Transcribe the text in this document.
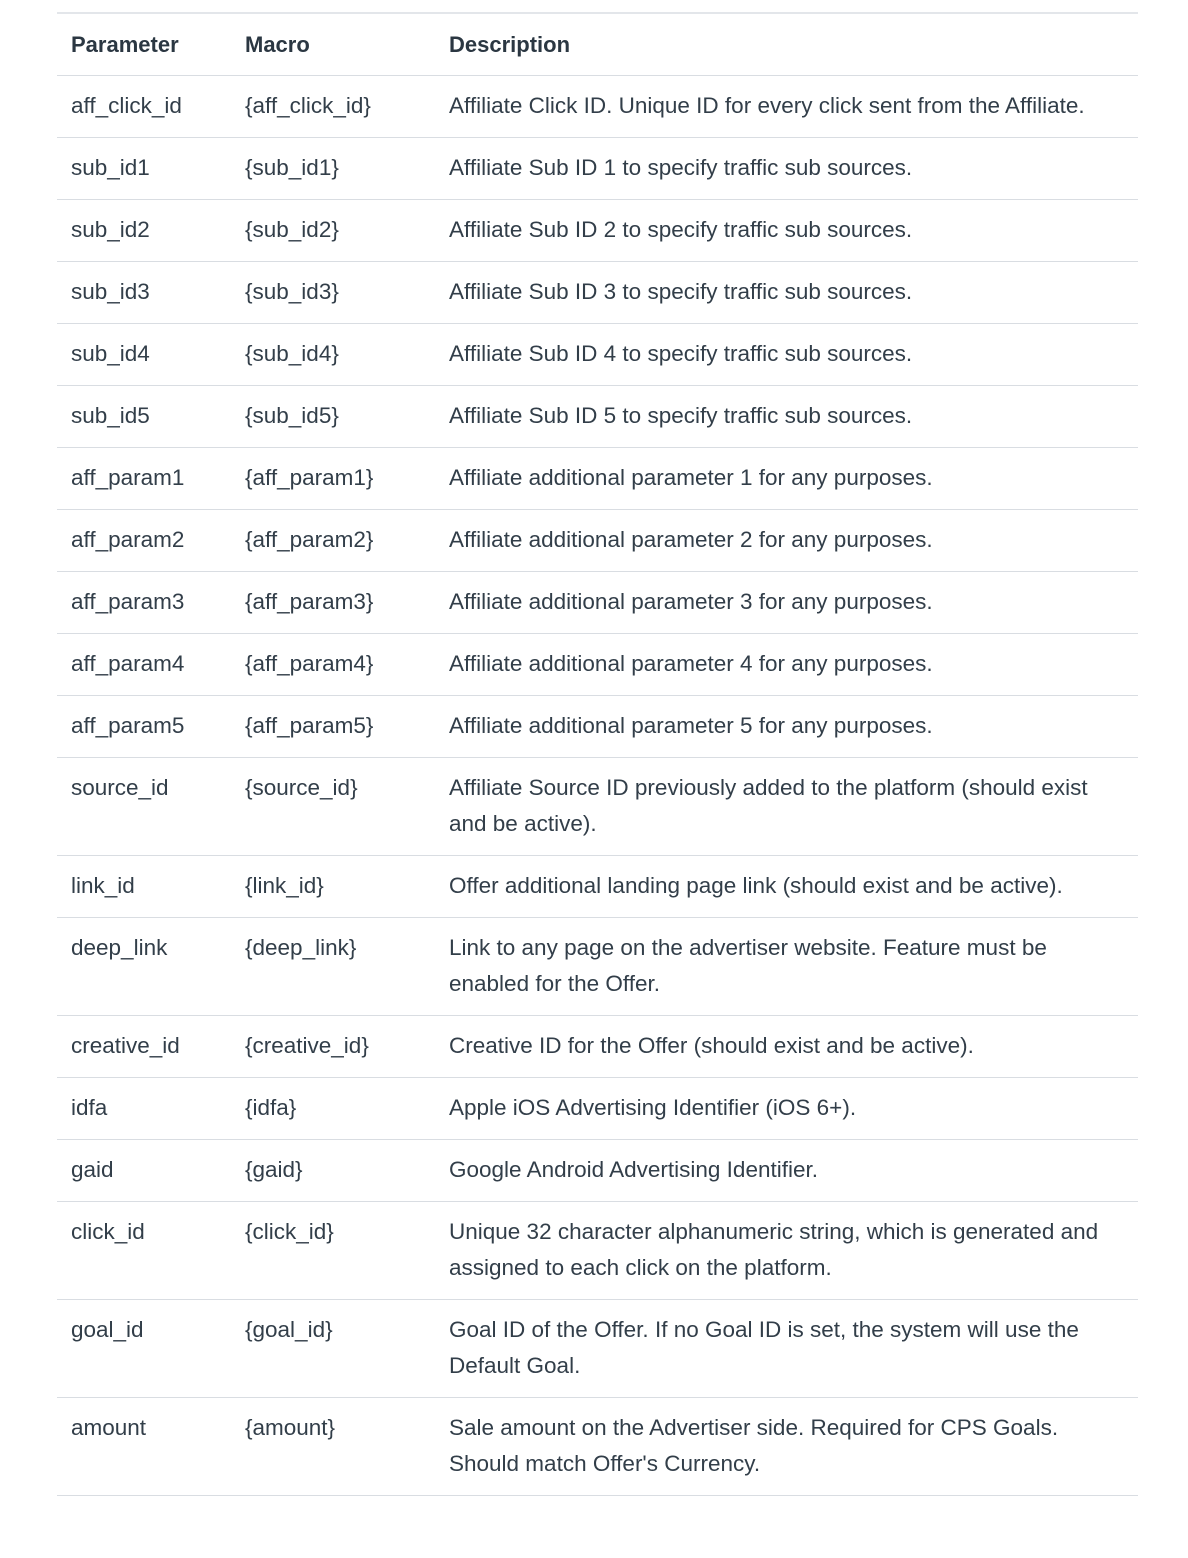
Parameter	Macro	Description
aff_click_id	{aff_click_id}	Affiliate Click ID. Unique ID for every click sent from the Affiliate.
sub_id1	{sub_id1}	Affiliate Sub ID 1 to specify traffic sub sources.
sub_id2	{sub_id2}	Affiliate Sub ID 2 to specify traffic sub sources.
sub_id3	{sub_id3}	Affiliate Sub ID 3 to specify traffic sub sources.
sub_id4	{sub_id4}	Affiliate Sub ID 4 to specify traffic sub sources.
sub_id5	{sub_id5}	Affiliate Sub ID 5 to specify traffic sub sources.
aff_param1	{aff_param1}	Affiliate additional parameter 1 for any purposes.
aff_param2	{aff_param2}	Affiliate additional parameter 2 for any purposes.
aff_param3	{aff_param3}	Affiliate additional parameter 3 for any purposes.
aff_param4	{aff_param4}	Affiliate additional parameter 4 for any purposes.
aff_param5	{aff_param5}	Affiliate additional parameter 5 for any purposes.
source_id	{source_id}	Affiliate Source ID previously added to the platform (should exist and be active).
link_id	{link_id}	Offer additional landing page link (should exist and be active).
deep_link	{deep_link}	Link to any page on the advertiser website. Feature must be enabled for the Offer.
creative_id	{creative_id}	Creative ID for the Offer (should exist and be active).
idfa	{idfa}	Apple iOS Advertising Identifier (iOS 6+).
gaid	{gaid}	Google Android Advertising Identifier.
click_id	{click_id}	Unique 32 character alphanumeric string, which is generated and assigned to each click on the platform.
goal_id	{goal_id}	Goal ID of the Offer. If no Goal ID is set, the system will use the Default Goal.
amount	{amount}	Sale amount on the Advertiser side. Required for CPS Goals. Should match Offer's Currency.
